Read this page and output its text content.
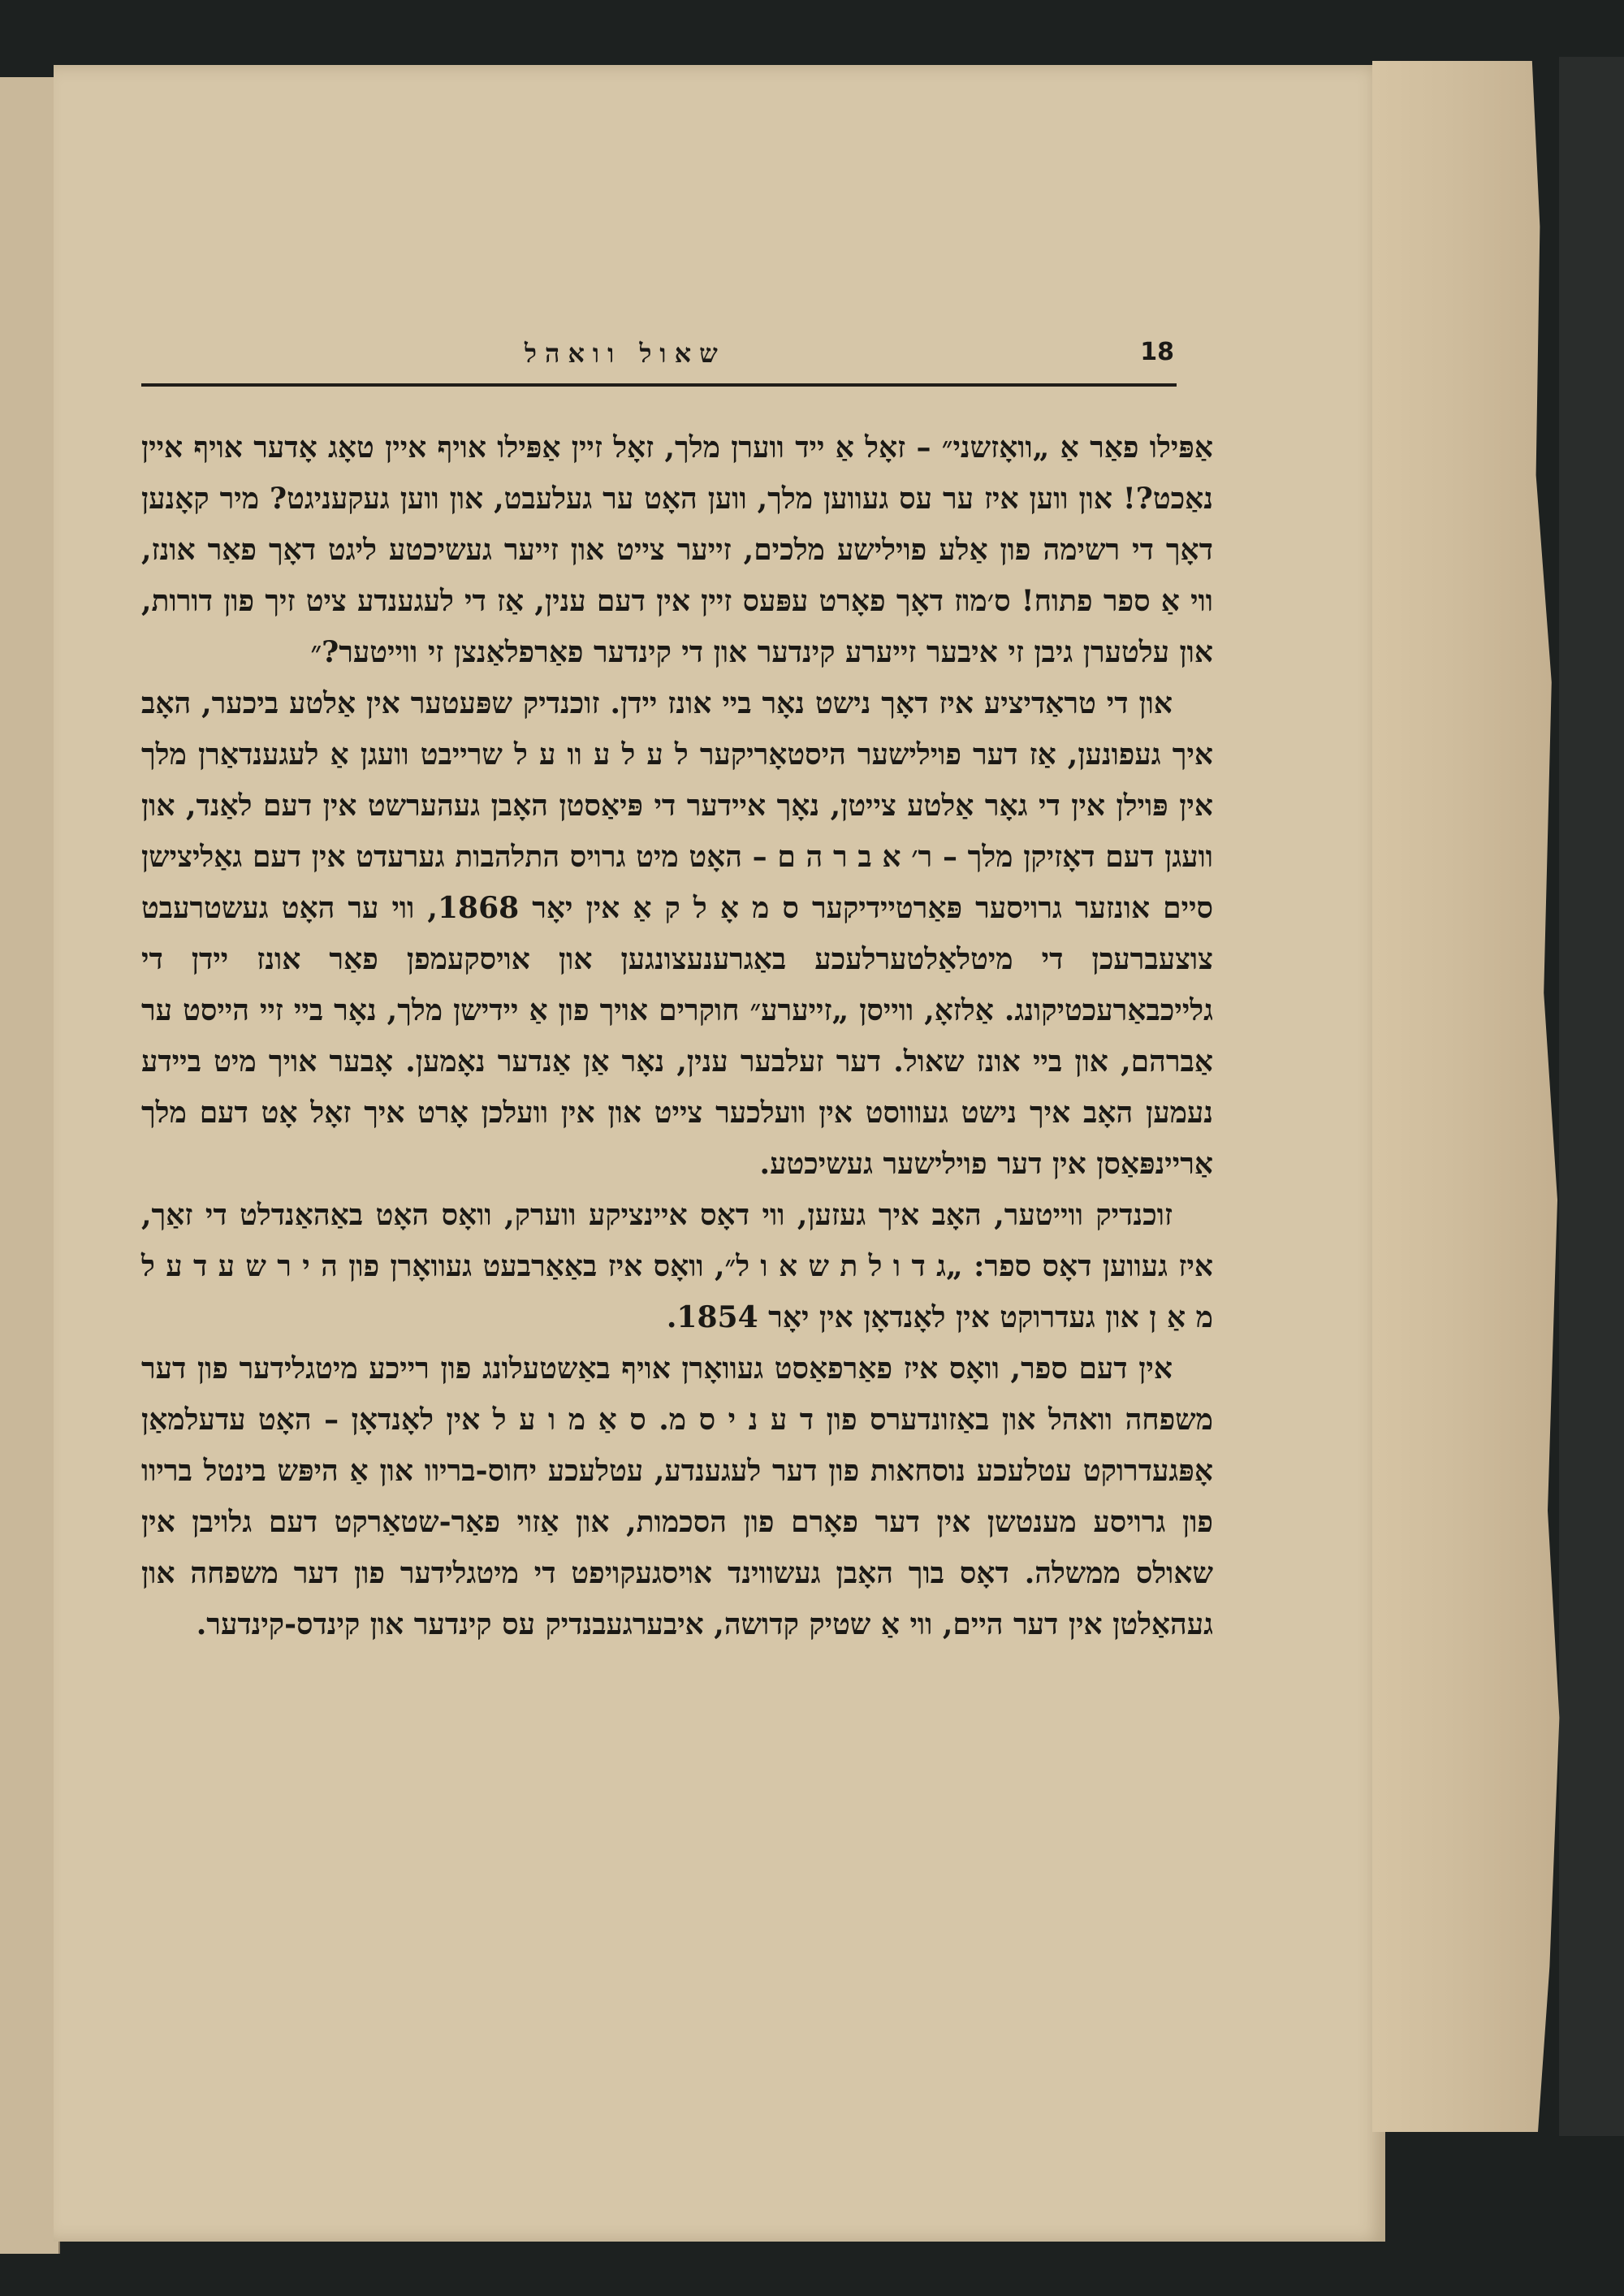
18
שאול וואהל

אַפּילו פאַר אַ „וואָזשני״ – זאָל אַ ייד ווערן מלך, זאָל זיין אַפּילו אויף איין טאָג אָדער אויף איין נאַכט?! און ווען איז ער עס געווען מלך, ווען האָט ער געלעבט, און ווען געקעניגט? מיר קאָנען דאָך די רשימה פון אַלע פוילישע מלכים, זייער צייט און זייער געשיכטע ליגט דאָך פאַר אונז, ווי אַ ספר פתוח! ס׳מוז דאָך פאָרט עפּעס זיין אין דעם ענין, אַז די לעגענדע ציט זיך פון דורות, און עלטערן גיבן זי איבער זייערע קינדער און די קינדער פאַרפלאַנצן זי ווייטער?״

און די טראַדיציע איז דאָך נישט נאָר ביי אונז יידן. זוכנדיק שפּעטער אין אַלטע ביכער, האָב איך געפונען, אַז דער פוילישער היסטאָריקער ל ע ל ע וו ע ל שרייבט וועגן אַ לעגענדאַרן מלך אין פּוילן אין די גאָר אַלטע צייטן, נאָך איידער די פּיאַסטן האָבן געהערשט אין דעם לאַנד, און וועגן דעם דאָזיקן מלך – ר׳ א ב ר ה ם – האָט מיט גרויס התלהבות גערעדט אין דעם גאַליצישן סיים אונזער גרויסער פּאַרטיידיקער ס מ אָ ל ק אַ אין יאָר 1868, ווי ער האָט געשטרעבט צוצעברעכן די מיטלאַלטערלעכע באַגרענעצונגען און אויסקעמפן פאַר אונז יידן די גלייכבאַרעכטיקונג. אַלזאָ, ווייסן „זייערע״ חוקרים אויך פון אַ יידישן מלך, נאָר ביי זיי הייסט ער אַברהם, און ביי אונז שאול. דער זעלבער ענין, נאָר אַן אַנדער נאָמען. אָבער אויך מיט ביידע נעמען האָב איך נישט געוווסט אין וועלכער צייט און אין וועלכן אָרט איך זאָל אָט דעם מלך אַריינפּאַסן אין דער פוילישער געשיכטע.

זוכנדיק ווייטער, האָב איך געזען, ווי דאָס איינציקע ווערק, וואָס האָט באַהאַנדלט די זאַך, איז געווען דאָס ספר: „ג ד ו ל ת ש א ו ל״, וואָס איז באַאַרבעט געוואָרן פון ה י ר ש ע ד ע ל מ אַ ן און געדרוקט אין לאָנדאָן אין יאָר 1854.

אין דעם ספר, וואָס איז פאַרפאַסט געוואָרן אויף באַשטעלונג פון רייכע מיטגלידער פון דער משפחה וואהל און באַזונדערס פון ד ע נ י ס מ. ס אַ מ ו ע ל אין לאָנדאָן – האָט עדעלמאַן אָפּגעדרוקט עטלעכע נוסחאות פון דער לעגענדע, עטלעכע יחוס-בריוו און אַ היפּש בינטל בריוו פון גרויסע מענטשן אין דער פאָרם פון הסכמות, און אַזוי פאַר-שטאַרקט דעם גלויבן אין שאולס ממשלה. דאָס בוך האָבן געשווינד אויסגעקויפט די מיטגלידער פון דער משפחה און געהאַלטן אין דער היים, ווי אַ שטיק קדושה, איבערגעבנדיק עס קינדער און קינדס-קינדער.
